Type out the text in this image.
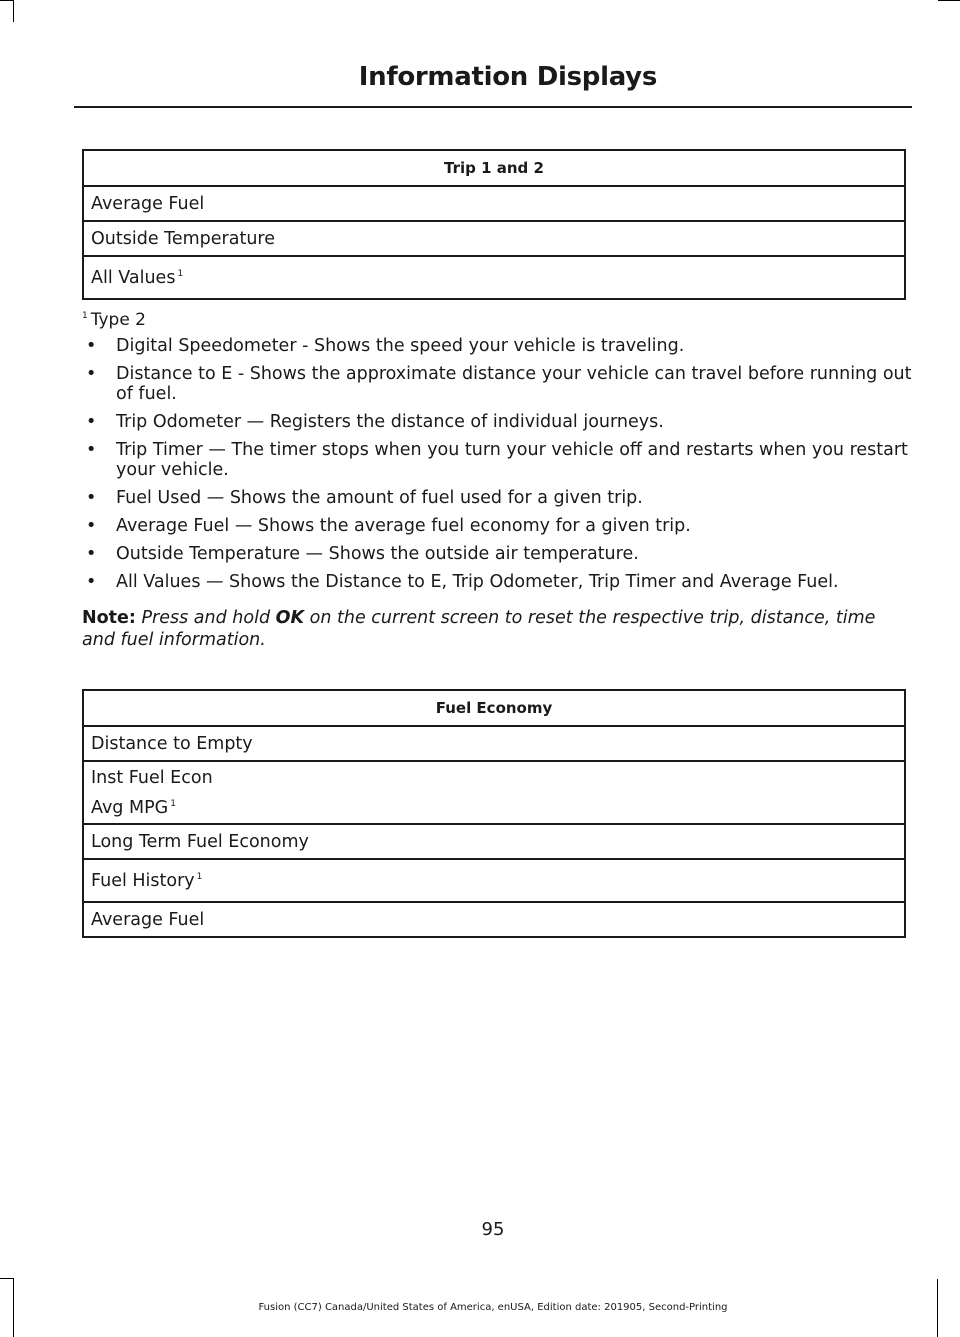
Information Displays
Trip 1 and 2
Average Fuel
Outside Temperature
All Values $^1$
$^1$ Type 2
• Digital Speedometer - Shows the speed your vehicle is traveling.
• Distance to E - Shows the approximate distance your vehicle can travel before running out of fuel.
• Trip Odometer — Registers the distance of individual journeys.
• Trip Timer — The timer stops when you turn your vehicle off and restarts when you restart your vehicle.
• Fuel Used — Shows the amount of fuel used for a given trip.
• Average Fuel — Shows the average fuel economy for a given trip.
• Outside Temperature — Shows the outside air temperature.
• All Values — Shows the Distance to E, Trip Odometer, Trip Timer and Average Fuel.
Note: Press and hold OK on the current screen to reset the respective trip, distance, time and fuel information.
Fuel Economy
Distance to Empty

Inst Fuel Econ
Avg MPG $^1$

Long Term Fuel Economy
Fuel History $^1$
Average Fuel
95
Fusion (CC7) Canada/United States of America, enUSA, Edition date: 201905, Second-Printing
